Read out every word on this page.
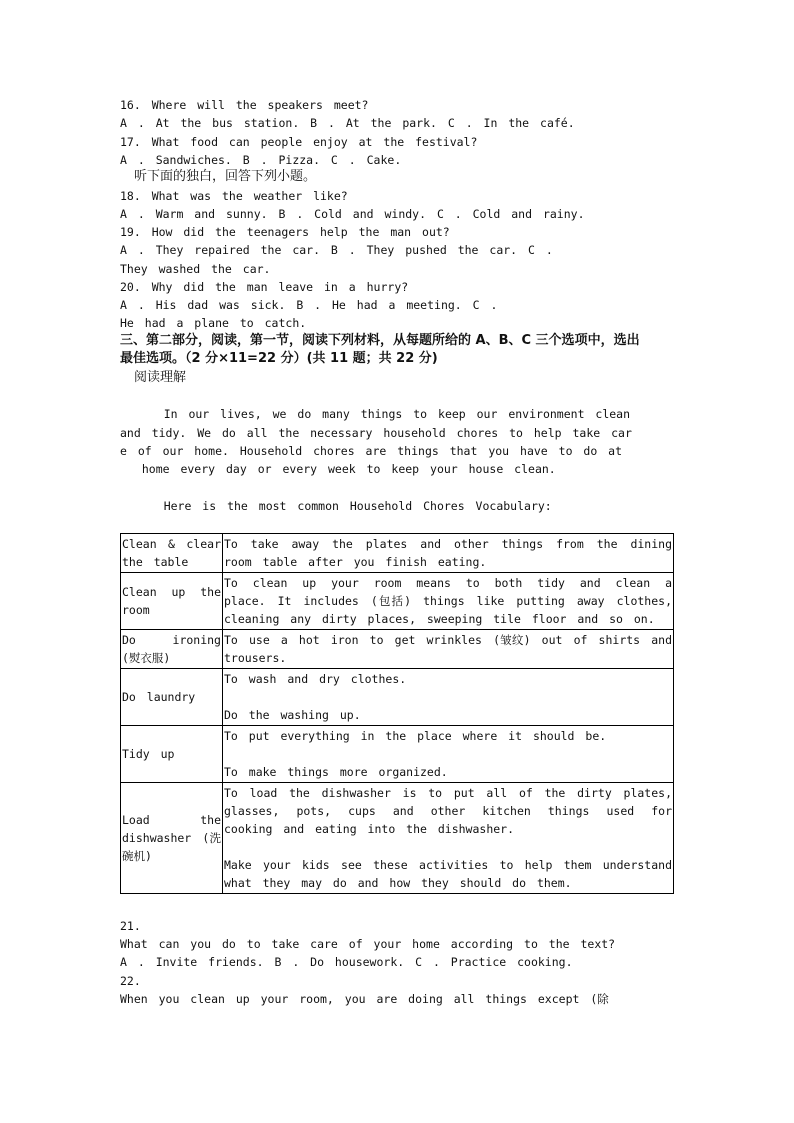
16. Where will the speakers meet?
A . At the bus station. B . At the park. C . In the café.
17. What food can people enjoy at the festival?
A . Sandwiches. B . Pizza. C . Cake.
听下面的独白，回答下列小题。
18. What was the weather like?
A . Warm and sunny. B . Cold and windy. C . Cold and rainy.
19. How did the teenagers help the man out?
A . They repaired the car. B . They pushed the car. C .
They washed the car.
20. Why did the man leave in a hurry?
A . His dad was sick. B . He had a meeting. C .
He had a plane to catch.
三、第二部分，阅读，第一节，阅读下列材料，从每题所给的 A、B、C 三个选项中，选出
最佳选项。（2 分×11=22 分）(共 11 题；共 22 分)
阅读理解
In our lives, we do many things to keep our environment clean
and tidy. We do all the necessary household chores to help take car
e of our home. Household chores are things that you have to do at
home every day or every week to keep your house clean.
Here is the most common Household Chores Vocabulary:
Clean & clear the table	To take away the plates and other things from the dining room table after you finish eating.

Clean up the room	To clean up your room means to both tidy and clean a place. It includes (包括) things like putting away clothes, cleaning any dirty places, sweeping tile floor and so on.

Do ironing (熨衣服)	To use a hot iron to get wrinkles (皱纹) out of shirts and trousers.

Do laundry	To wash and dry clothes.
Do the washing up.

Tidy up	To put everything in the place where it should be.
To make things more organized.

Load the dishwasher (洗碗机)	To load the dishwasher is to put all of the dirty plates, glasses, pots, cups and other kitchen things used for cooking and eating into the dishwasher.
Make your kids see these activities to help them understand what they may do and how they should do them.
21.
What can you do to take care of your home according to the text?
A . Invite friends. B . Do housework. C . Practice cooking.
22.
When you clean up your room, you are doing all things except (除
